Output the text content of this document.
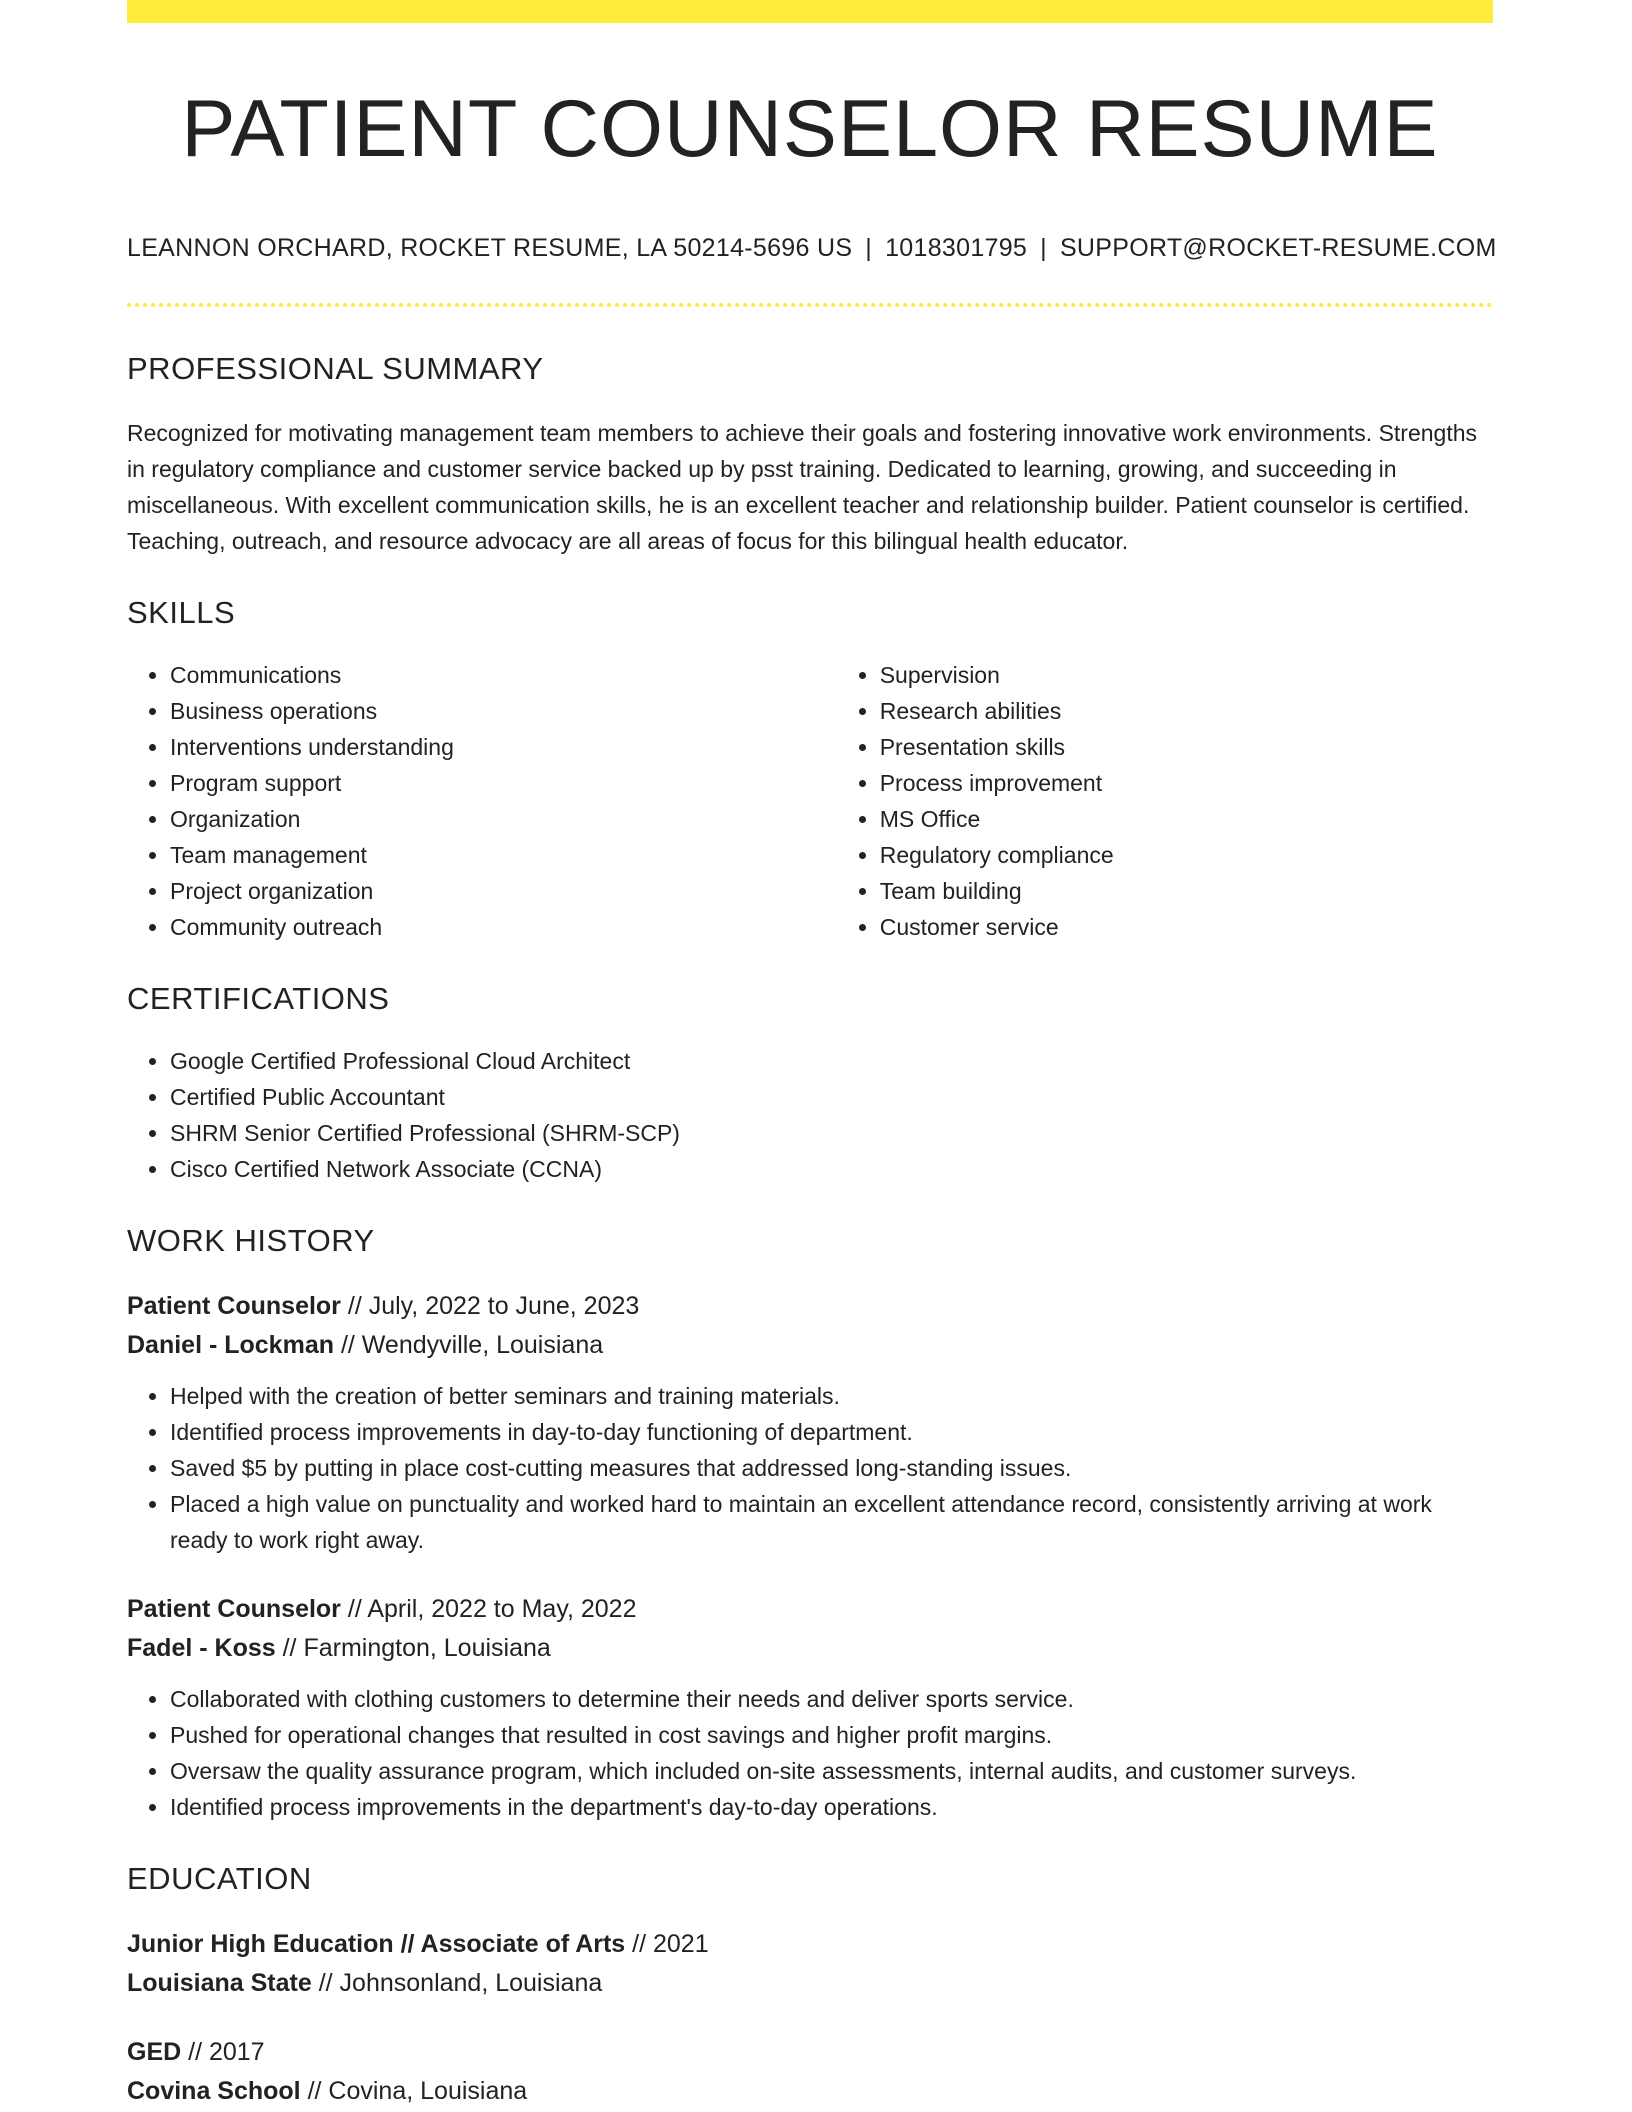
PATIENT COUNSELOR RESUME
LEANNON ORCHARD, ROCKET RESUME, LA 50214-5696 US | 1018301795 | SUPPORT@ROCKET-RESUME.COM
PROFESSIONAL SUMMARY

Recognized for motivating management team members to achieve their goals and fostering innovative work environments. Strengths in regulatory compliance and customer service backed up by psst training. Dedicated to learning, growing, and succeeding in miscellaneous. With excellent communication skills, he is an excellent teacher and relationship builder. Patient counselor is certified. Teaching, outreach, and resource advocacy are all areas of focus for this bilingual health educator.

SKILLS
• Communications
• Business operations
• Interventions understanding
• Program support
• Organization
• Team management
• Project organization
• Community outreach
• Supervision
• Research abilities
• Presentation skills
• Process improvement
• MS Office
• Regulatory compliance
• Team building
• Customer service
CERTIFICATIONS
• Google Certified Professional Cloud Architect
• Certified Public Accountant
• SHRM Senior Certified Professional (SHRM-SCP)
• Cisco Certified Network Associate (CCNA)
WORK HISTORY
Patient Counselor // July, 2022 to June, 2023
Daniel - Lockman // Wendyville, Louisiana
• Helped with the creation of better seminars and training materials.
• Identified process improvements in day-to-day functioning of department.
• Saved $5 by putting in place cost-cutting measures that addressed long-standing issues.
• Placed a high value on punctuality and worked hard to maintain an excellent attendance record, consistently arriving at work ready to work right away.
Patient Counselor // April, 2022 to May, 2022
Fadel - Koss // Farmington, Louisiana
• Collaborated with clothing customers to determine their needs and deliver sports service.
• Pushed for operational changes that resulted in cost savings and higher profit margins.
• Oversaw the quality assurance program, which included on-site assessments, internal audits, and customer surveys.
• Identified process improvements in the department's day-to-day operations.
EDUCATION
Junior High Education // Associate of Arts // 2021
Louisiana State // Johnsonland, Louisiana
GED // 2017
Covina School // Covina, Louisiana
